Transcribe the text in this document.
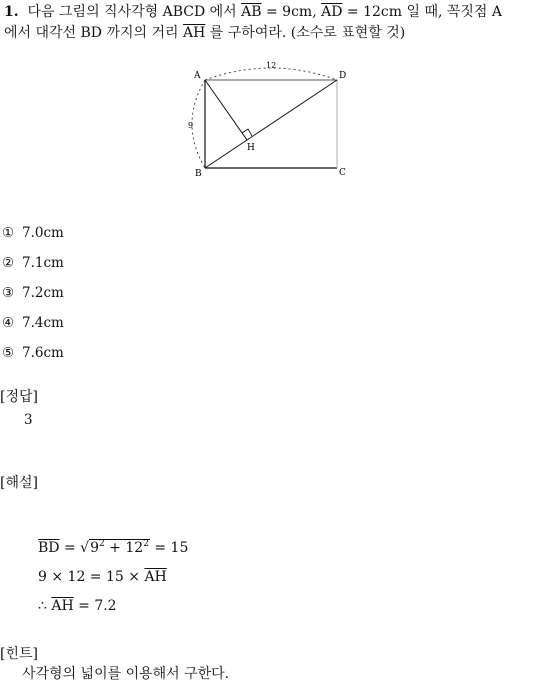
1. 다음 그림의 직사각형 ABCD 에서 $\overline{AB} = 9cm$, $\overline{AD} = 12cm$ 일 때, 꼭짓점 A
에서 대각선 BD 까지의 거리 $\overline{AH}$ 를 구하여라. (소수로 표현할 것)
A
B	C
D
H
12
9
① 7.0cm
② 7.1cm
③ 7.2cm
④ 7.4cm
⑤ 7.6cm
[정답]
3
[해설]
$\overline{BD} = √9^2 + 12^2 = 15$
$9 \times 12 = 15 \times \overline{AH}$
∴ $\overline{AH} = 7.2$
[힌트]
사각형의 넓이를 이용해서 구한다.
